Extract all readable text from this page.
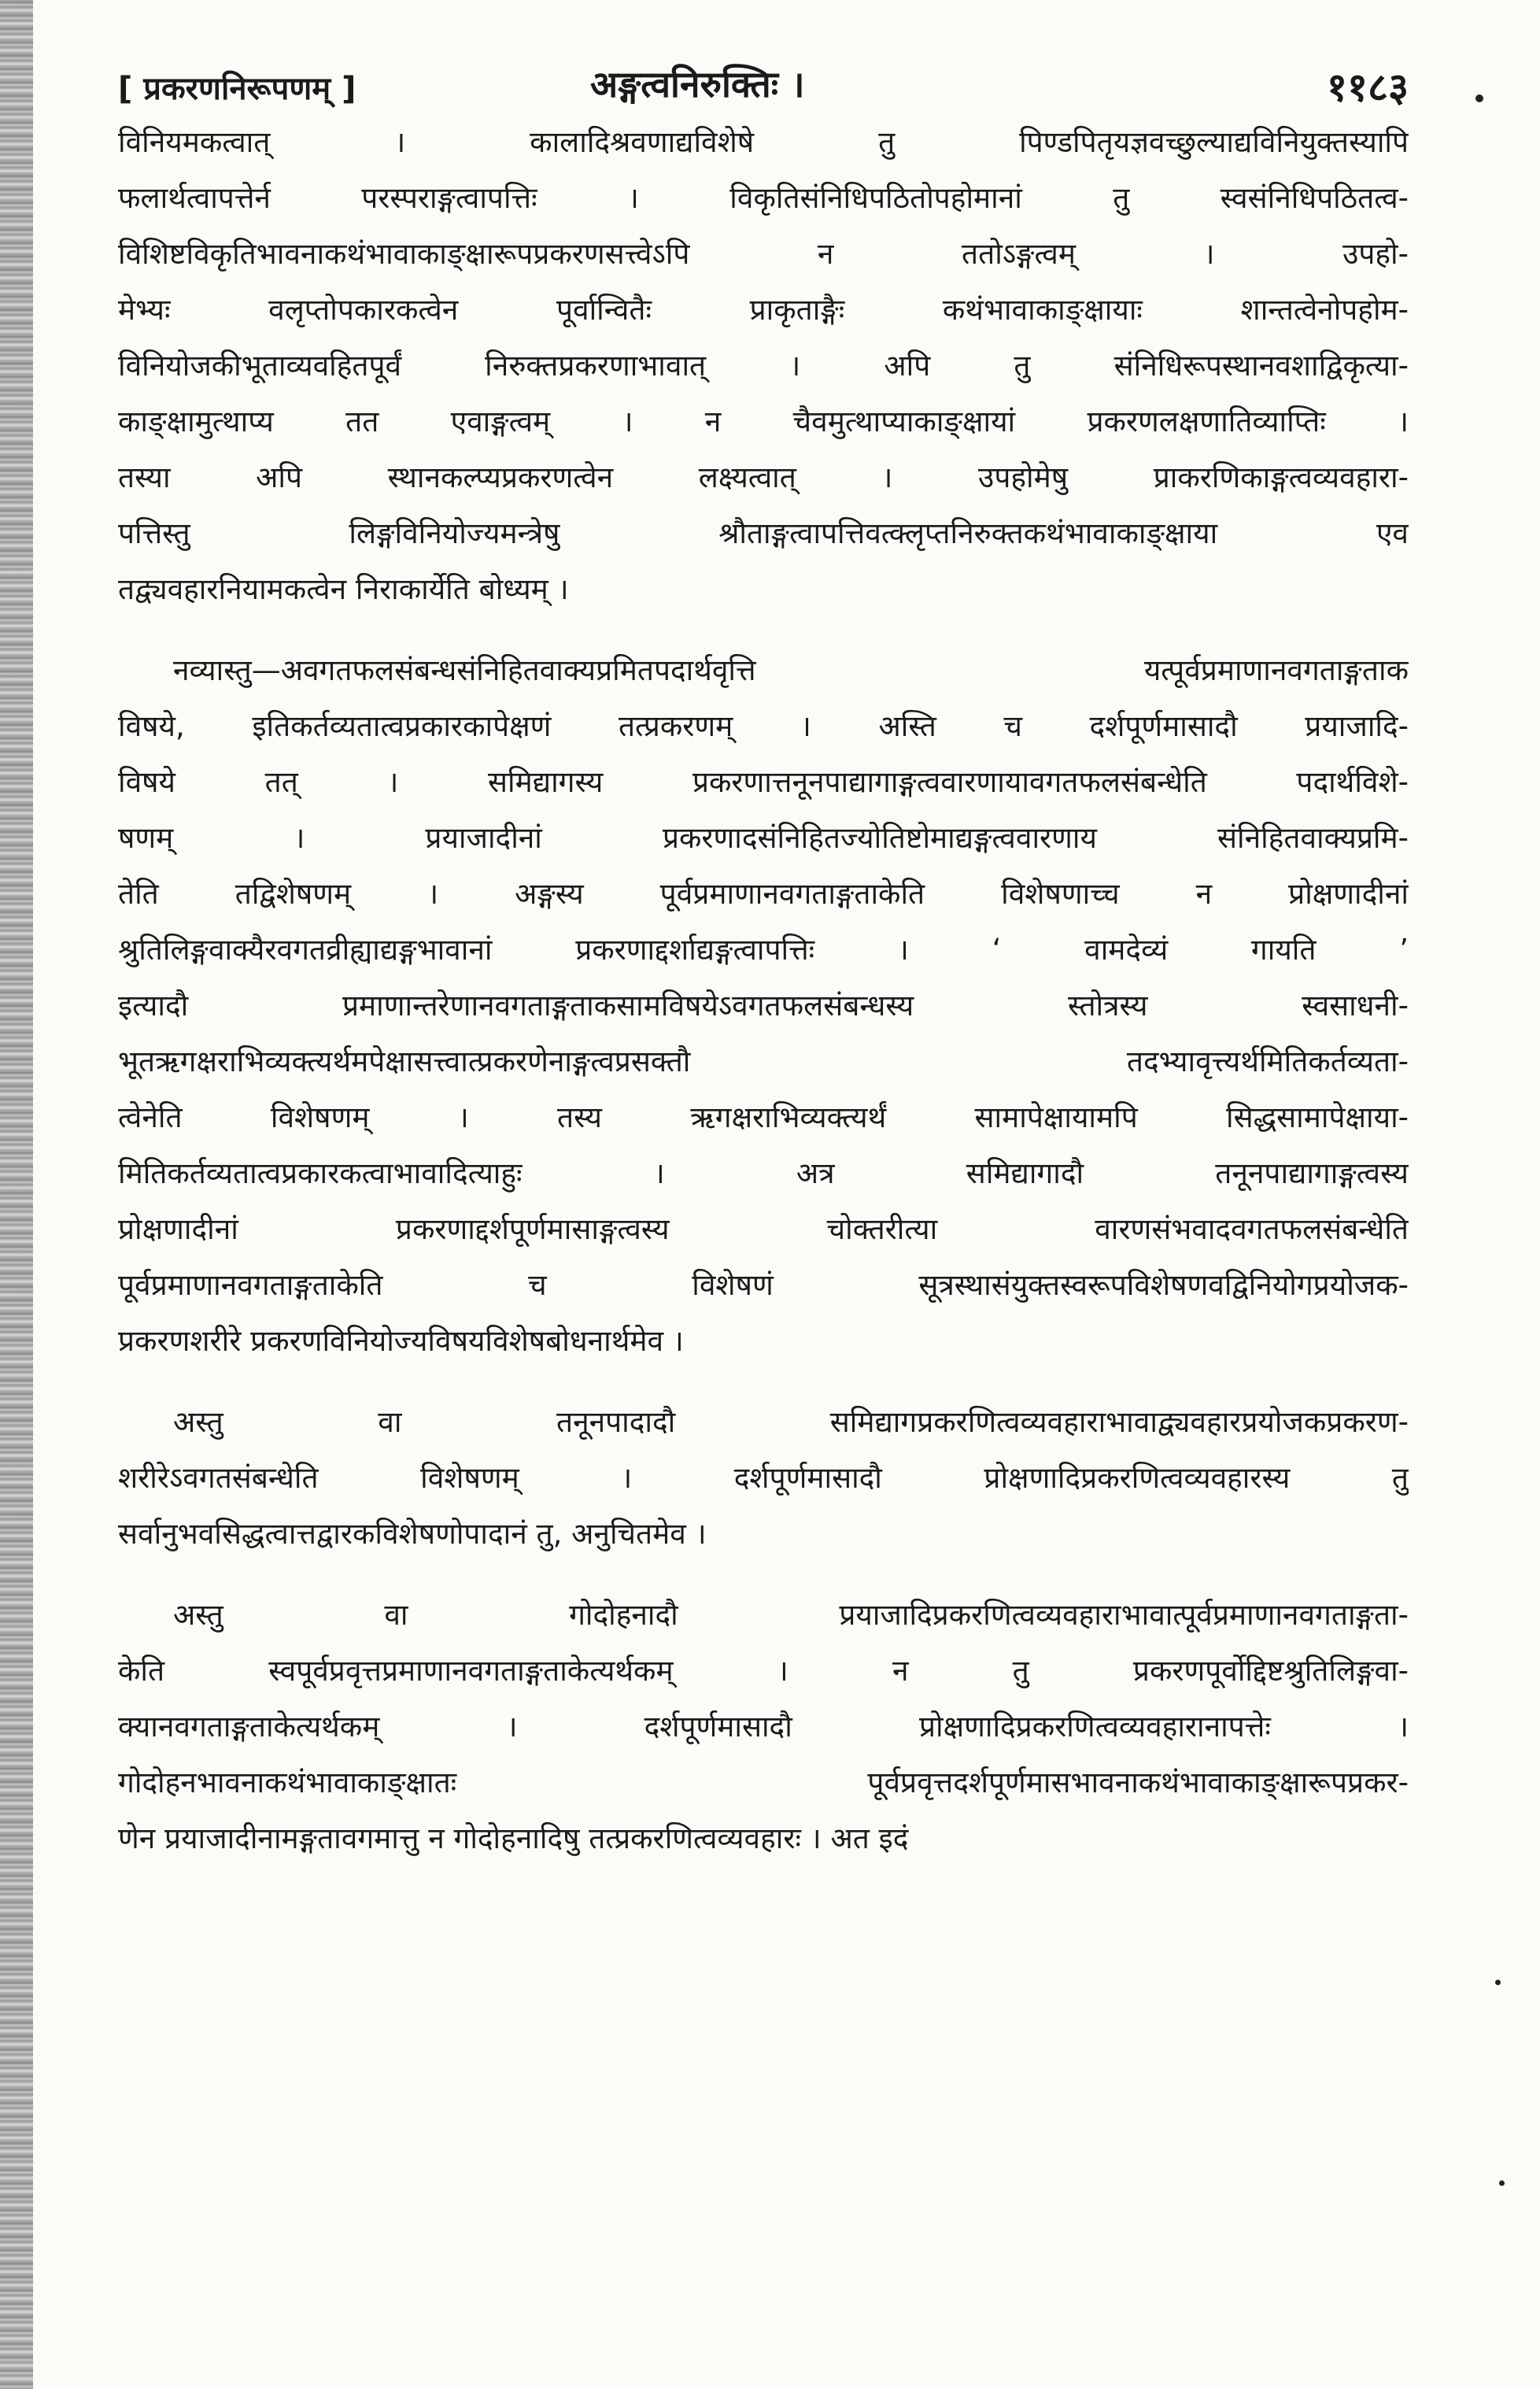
[ प्रकरणनिरूपणम् ]	अङ्गत्वनिरुक्तिः ।	११८३
विनियमकत्वात् । कालादिश्रवणाद्यविशेषे तु पिण्डपितृयज्ञवच्छुल्याद्यविनियुक्तस्यापि
फलार्थत्वापत्तेर्न परस्पराङ्गत्वापत्तिः । विकृतिसंनिधिपठितोपहोमानां तु स्वसंनिधिपठितत्व-
विशिष्टविकृतिभावनाकथंभावाकाङ्क्षारूपप्रकरणसत्त्वेऽपि न ततोऽङ्गत्वम् । उपहो-
मेभ्यः वलृप्तोपकारकत्वेन पूर्वान्वितैः प्राकृताङ्गैः कथंभावाकाङ्क्षायाः शान्तत्वेनोपहोम-
विनियोजकीभूताव्यवहितपूर्वं निरुक्तप्रकरणाभावात् । अपि तु संनिधिरूपस्थानवशाद्विकृत्या-
काङ्क्षामुत्थाप्य तत एवाङ्गत्वम् । न चैवमुत्थाप्याकाङ्क्षायां प्रकरणलक्षणातिव्याप्तिः ।
तस्या अपि स्थानकल्प्यप्रकरणत्वेन लक्ष्यत्वात् । उपहोमेषु प्राकरणिकाङ्गत्वव्यवहारा-
पत्तिस्तु लिङ्गविनियोज्यमन्त्रेषु श्रौताङ्गत्वापत्तिवत्क्लृप्तनिरुक्तकथंभावाकाङ्क्षाया एव
तद्व्यवहारनियामकत्वेन निराकार्येति बोध्यम् ।
नव्यास्तु—अवगतफलसंबन्धसंनिहितवाक्यप्रमितपदार्थवृत्ति यत्पूर्वप्रमाणानवगताङ्गताक
विषये, इतिकर्तव्यतात्वप्रकारकापेक्षणं तत्प्रकरणम् । अस्ति च दर्शपूर्णमासादौ प्रयाजादि-
विषये तत् । समिद्यागस्य प्रकरणात्तनूनपाद्यागाङ्गत्ववारणायावगतफलसंबन्धेति पदार्थविशे-
षणम् । प्रयाजादीनां प्रकरणादसंनिहितज्योतिष्टोमाद्यङ्गत्ववारणाय संनिहितवाक्यप्रमि-
तेति तद्विशेषणम् । अङ्गस्य पूर्वप्रमाणानवगताङ्गताकेति विशेषणाच्च न प्रोक्षणादीनां
श्रुतिलिङ्गवाक्यैरवगतव्रीह्याद्यङ्गभावानां प्रकरणाद्दर्शाद्यङ्गत्वापत्तिः । ‘ वामदेव्यं गायति ’
इत्यादौ प्रमाणान्तरेणानवगताङ्गताकसामविषयेऽवगतफलसंबन्धस्य स्तोत्रस्य स्वसाधनी-
भूतऋगक्षराभिव्यक्त्यर्थमपेक्षासत्त्वात्प्रकरणेनाङ्गत्वप्रसक्तौ तदभ्यावृत्त्यर्थमितिकर्तव्यता-
त्वेनेति विशेषणम् । तस्य ऋगक्षराभिव्यक्त्यर्थं सामापेक्षायामपि सिद्धसामापेक्षाया-
मितिकर्तव्यतात्वप्रकारकत्वाभावादित्याहुः । अत्र समिद्यागादौ तनूनपाद्यागाङ्गत्वस्य
प्रोक्षणादीनां प्रकरणाद्दर्शपूर्णमासाङ्गत्वस्य चोक्तरीत्या वारणसंभवादवगतफलसंबन्धेति
पूर्वप्रमाणानवगताङ्गताकेति च विशेषणं सूत्रस्थासंयुक्तस्वरूपविशेषणवद्विनियोगप्रयोजक-
प्रकरणशरीरे प्रकरणविनियोज्यविषयविशेषबोधनार्थमेव ।
अस्तु वा तनूनपादादौ समिद्यागप्रकरणित्वव्यवहाराभावाद्व्यवहारप्रयोजकप्रकरण-
शरीरेऽवगतसंबन्धेति विशेषणम् । दर्शपूर्णमासादौ प्रोक्षणादिप्रकरणित्वव्यवहारस्य तु
सर्वानुभवसिद्धत्वात्तद्वारकविशेषणोपादानं तु, अनुचितमेव ।
अस्तु वा गोदोहनादौ प्रयाजादिप्रकरणित्वव्यवहाराभावात्पूर्वप्रमाणानवगताङ्गता-
केति स्वपूर्वप्रवृत्तप्रमाणानवगताङ्गताकेत्यर्थकम् । न तु प्रकरणपूर्वोद्दिष्टश्रुतिलिङ्गवा-
क्यानवगताङ्गताकेत्यर्थकम् । दर्शपूर्णमासादौ प्रोक्षणादिप्रकरणित्वव्यवहारानापत्तेः ।
गोदोहनभावनाकथंभावाकाङ्क्षातः पूर्वप्रवृत्तदर्शपूर्णमासभावनाकथंभावाकाङ्क्षारूपप्रकर-
णेन प्रयाजादीनामङ्गतावगमात्तु न गोदोहनादिषु तत्प्रकरणित्वव्यवहारः । अत इदं
